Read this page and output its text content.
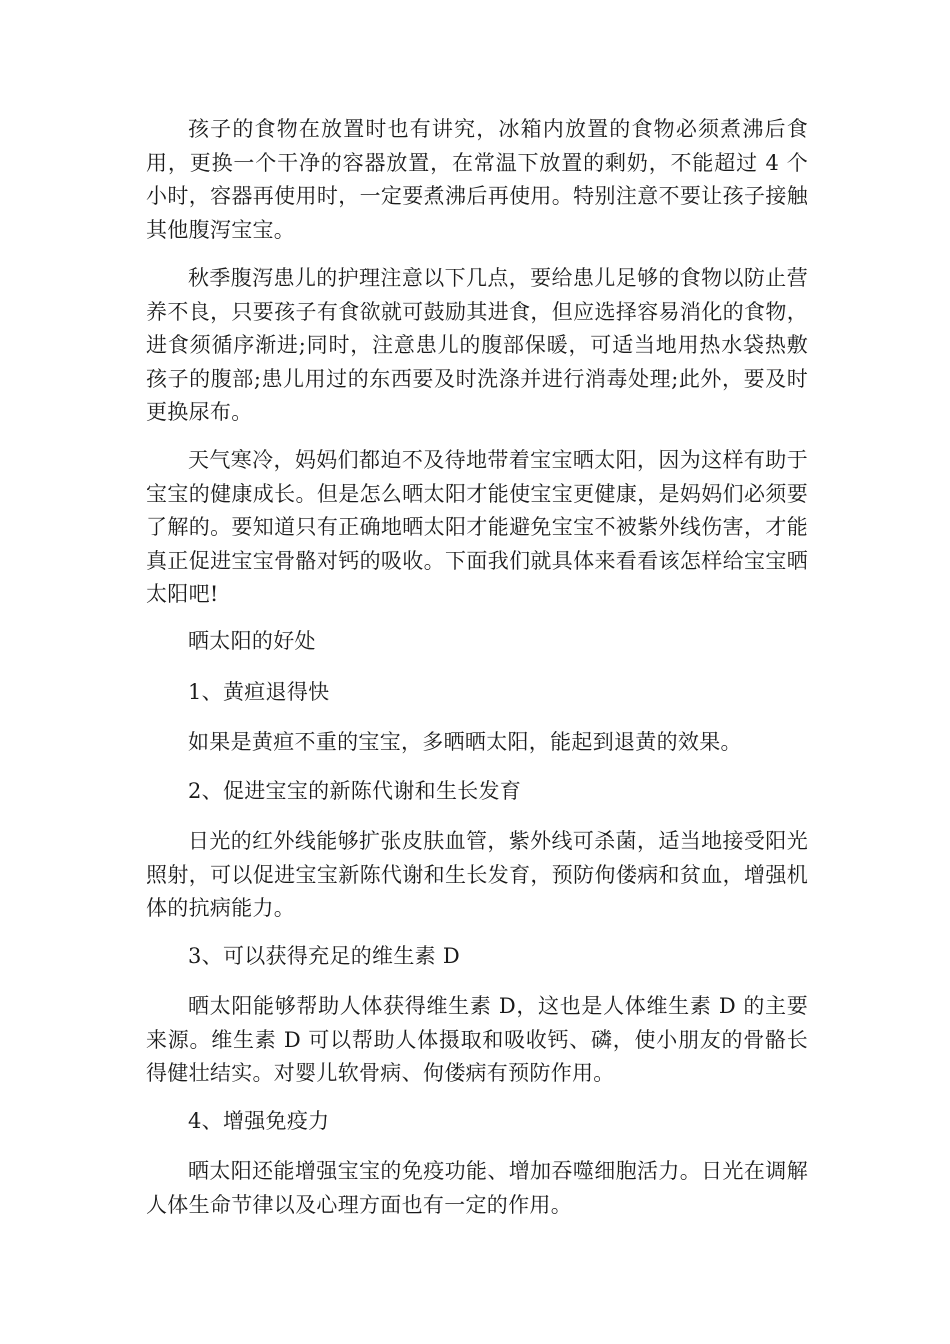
孩子的食物在放置时也有讲究，冰箱内放置的食物必须煮沸后食用，更换一个干净的容器放置，在常温下放置的剩奶，不能超过 4 个小时，容器再使用时，一定要煮沸后再使用。特别注意不要让孩子接触其他腹泻宝宝。

秋季腹泻患儿的护理注意以下几点，要给患儿足够的食物以防止营养不良，只要孩子有食欲就可鼓励其进食，但应选择容易消化的食物，进食须循序渐进;同时，注意患儿的腹部保暖，可适当地用热水袋热敷孩子的腹部;患儿用过的东西要及时洗涤并进行消毒处理;此外，要及时更换尿布。

天气寒冷，妈妈们都迫不及待地带着宝宝晒太阳，因为这样有助于宝宝的健康成长。但是怎么晒太阳才能使宝宝更健康，是妈妈们必须要了解的。要知道只有正确地晒太阳才能避免宝宝不被紫外线伤害，才能真正促进宝宝骨骼对钙的吸收。下面我们就具体来看看该怎样给宝宝晒太阳吧!

晒太阳的好处

1、黄疸退得快

如果是黄疸不重的宝宝，多晒晒太阳，能起到退黄的效果。

2、促进宝宝的新陈代谢和生长发育

日光的红外线能够扩张皮肤血管，紫外线可杀菌，适当地接受阳光照射，可以促进宝宝新陈代谢和生长发育，预防佝偻病和贫血，增强机体的抗病能力。

3、可以获得充足的维生素 D

晒太阳能够帮助人体获得维生素 D，这也是人体维生素 D 的主要来源。维生素 D 可以帮助人体摄取和吸收钙、磷，使小朋友的骨骼长得健壮结实。对婴儿软骨病、佝偻病有预防作用。

4、增强免疫力

晒太阳还能增强宝宝的免疫功能、增加吞噬细胞活力。日光在调解人体生命节律以及心理方面也有一定的作用。
